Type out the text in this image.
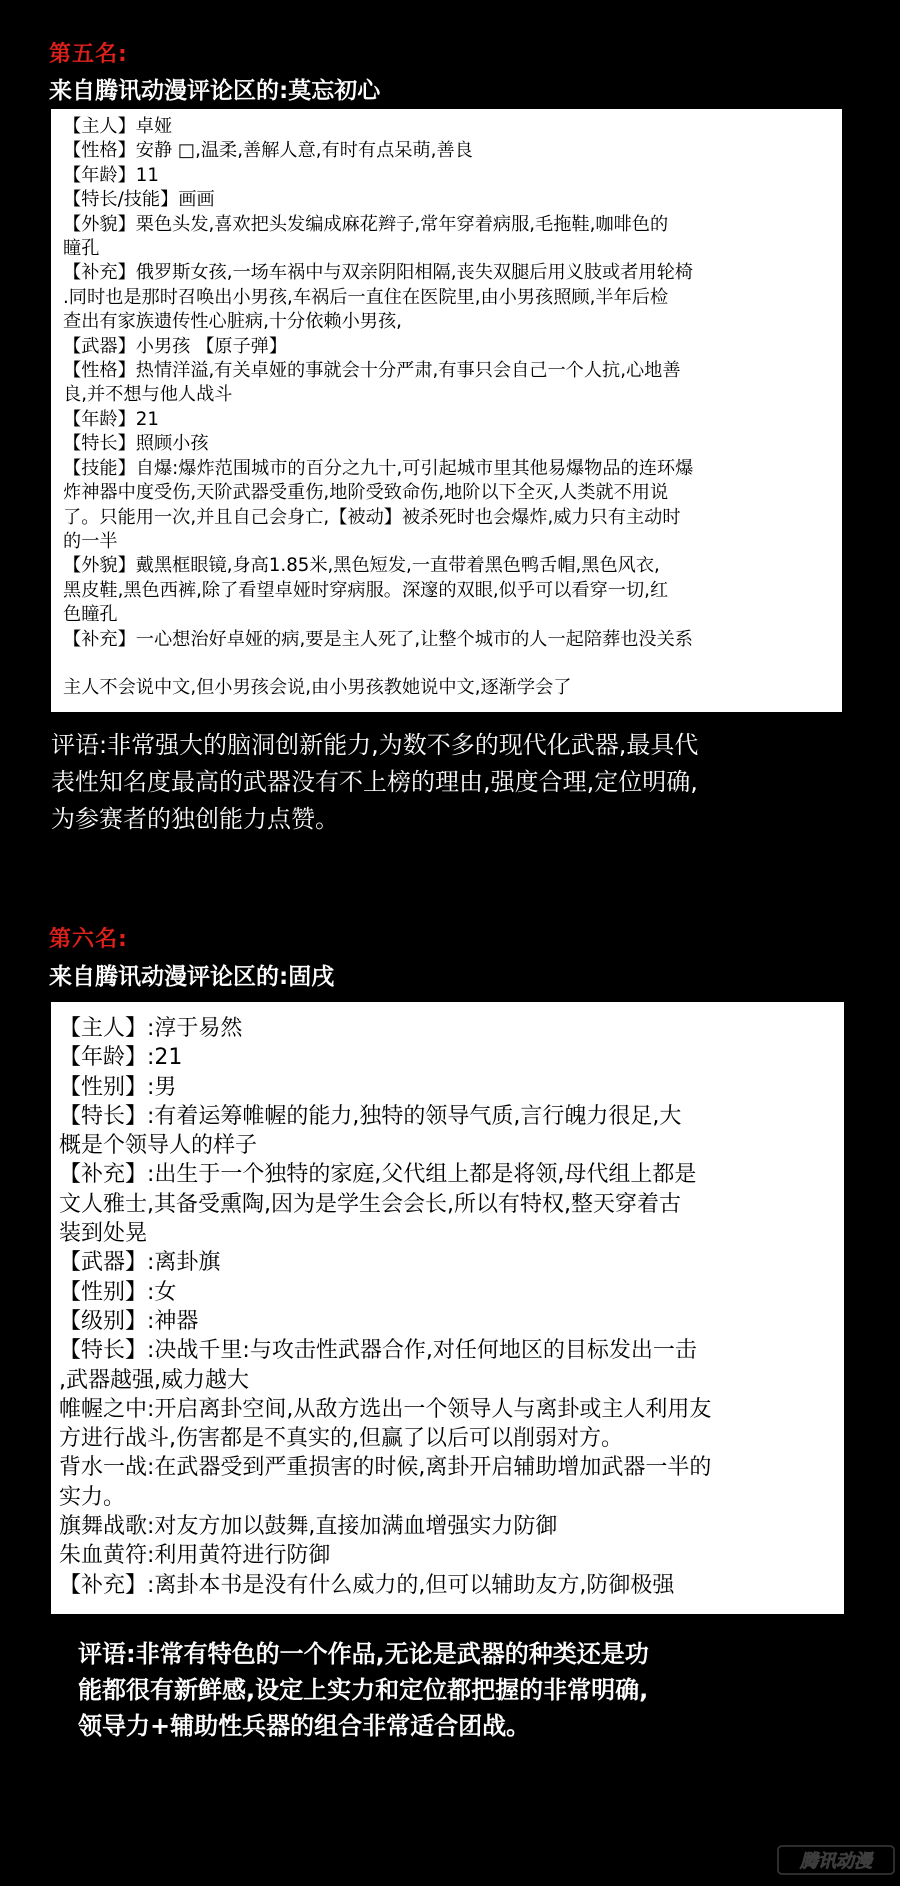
第五名:
来自腾讯动漫评论区的:莫忘初心
【主人】卓娅
【性格】安静 □,温柔,善解人意,有时有点呆萌,善良
【年龄】11
【特长/技能】画画
【外貌】栗色头发,喜欢把头发编成麻花辫子,常年穿着病服,毛拖鞋,咖啡色的
瞳孔
【补充】俄罗斯女孩,一场车祸中与双亲阴阳相隔,丧失双腿后用义肢或者用轮椅
.同时也是那时召唤出小男孩,车祸后一直住在医院里,由小男孩照顾,半年后检
查出有家族遗传性心脏病,十分依赖小男孩,
【武器】小男孩 【原子弹】
【性格】热情洋溢,有关卓娅的事就会十分严肃,有事只会自己一个人抗,心地善
良,并不想与他人战斗
【年龄】21
【特长】照顾小孩
【技能】自爆:爆炸范围城市的百分之九十,可引起城市里其他易爆物品的连环爆
炸神器中度受伤,天阶武器受重伤,地阶受致命伤,地阶以下全灭,人类就不用说
了。只能用一次,并且自己会身亡,【被动】被杀死时也会爆炸,威力只有主动时
的一半
【外貌】戴黑框眼镜,身高1.85米,黑色短发,一直带着黑色鸭舌帽,黑色风衣,
黑皮鞋,黑色西裤,除了看望卓娅时穿病服。深邃的双眼,似乎可以看穿一切,红
色瞳孔
【补充】一心想治好卓娅的病,要是主人死了,让整个城市的人一起陪葬也没关系
主人不会说中文,但小男孩会说,由小男孩教她说中文,逐渐学会了
评语:非常强大的脑洞创新能力,为数不多的现代化武器,最具代
表性知名度最高的武器没有不上榜的理由,强度合理,定位明确,
为参赛者的独创能力点赞。
第六名:
来自腾讯动漫评论区的:固戌
【主人】:淳于易然
【年龄】:21
【性别】:男
【特长】:有着运筹帷幄的能力,独特的领导气质,言行魄力很足,大
概是个领导人的样子
【补充】:出生于一个独特的家庭,父代组上都是将领,母代组上都是
文人雅士,其备受熏陶,因为是学生会会长,所以有特权,整天穿着古
装到处晃
【武器】:离卦旗
【性别】:女
【级别】:神器
【特长】:决战千里:与攻击性武器合作,对任何地区的目标发出一击
,武器越强,威力越大
帷幄之中:开启离卦空间,从敌方选出一个领导人与离卦或主人利用友
方进行战斗,伤害都是不真实的,但赢了以后可以削弱对方。
背水一战:在武器受到严重损害的时候,离卦开启辅助增加武器一半的
实力。
旗舞战歌:对友方加以鼓舞,直接加满血增强实力防御
朱血黄符:利用黄符进行防御
【补充】:离卦本书是没有什么威力的,但可以辅助友方,防御极强
评语:非常有特色的一个作品,无论是武器的种类还是功
能都很有新鲜感,设定上实力和定位都把握的非常明确,
领导力+辅助性兵器的组合非常适合团战。
腾讯动漫
